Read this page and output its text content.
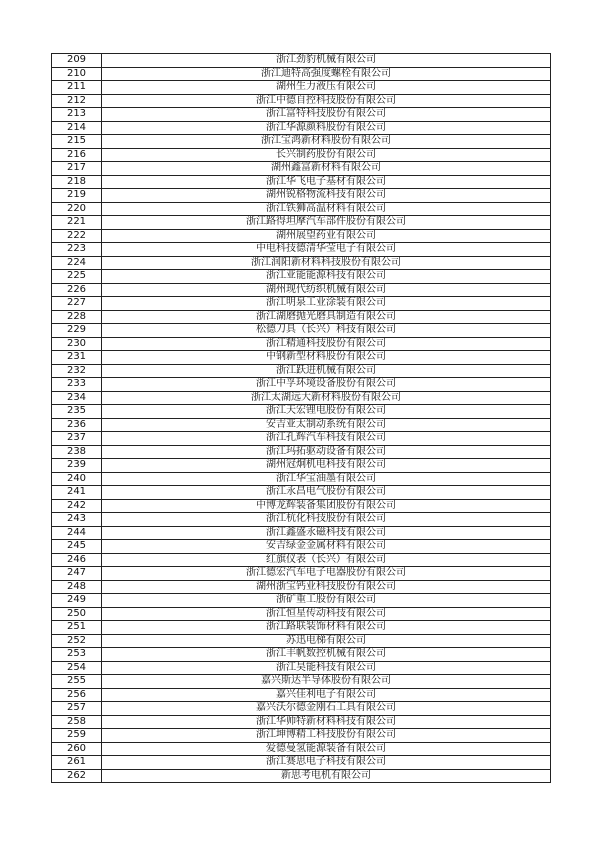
209	浙江劲豹机械有限公司
210	浙江迪特高强度螺栓有限公司
211	湖州生力液压有限公司
212	浙江中德自控科技股份有限公司
213	浙江富特科技股份有限公司
214	浙江华源颜料股份有限公司
215	浙江宝鸿新材料股份有限公司
216	长兴制药股份有限公司
217	湖州鑫富新材料有限公司
218	浙江华飞电子基材有限公司
219	湖州锐格物流科技有限公司
220	浙江铁狮高温材料有限公司
221	浙江路得坦摩汽车部件股份有限公司
222	湖州展望药业有限公司
223	中电科技德清华莹电子有限公司
224	浙江润阳新材料科技股份有限公司
225	浙江亚能能源科技有限公司
226	湖州现代纺织机械有限公司
227	浙江明泉工业涂装有限公司
228	浙江湖磨抛光磨具制造有限公司
229	松德刀具（长兴）科技有限公司
230	浙江精通科技股份有限公司
231	中钢新型材料股份有限公司
232	浙江跃进机械有限公司
233	浙江中孚环境设备股份有限公司
234	浙江太湖远大新材料股份有限公司
235	浙江天宏锂电股份有限公司
236	安吉亚太制动系统有限公司
237	浙江孔辉汽车科技有限公司
238	浙江玛拓驱动设备有限公司
239	湖州冠炯机电科技有限公司
240	浙江华宝油墨有限公司
241	浙江永昌电气股份有限公司
242	中博龙辉装备集团股份有限公司
243	浙江杭化科技股份有限公司
244	浙江鑫盛永磁科技有限公司
245	安吉绿金金属材料有限公司
246	红旗仪表（长兴）有限公司
247	浙江德宏汽车电子电器股份有限公司
248	湖州浙宝钙业科技股份有限公司
249	浙矿重工股份有限公司
250	浙江恒星传动科技有限公司
251	浙江路联装饰材料有限公司
252	苏迅电梯有限公司
253	浙江丰帆数控机械有限公司
254	浙江昊能科技有限公司
255	嘉兴斯达半导体股份有限公司
256	嘉兴佳利电子有限公司
257	嘉兴沃尔德金刚石工具有限公司
258	浙江华帅特新材料科技有限公司
259	浙江坤博精工科技股份有限公司
260	爱德曼氢能源装备有限公司
261	浙江赛思电子科技有限公司
262	新思考电机有限公司
